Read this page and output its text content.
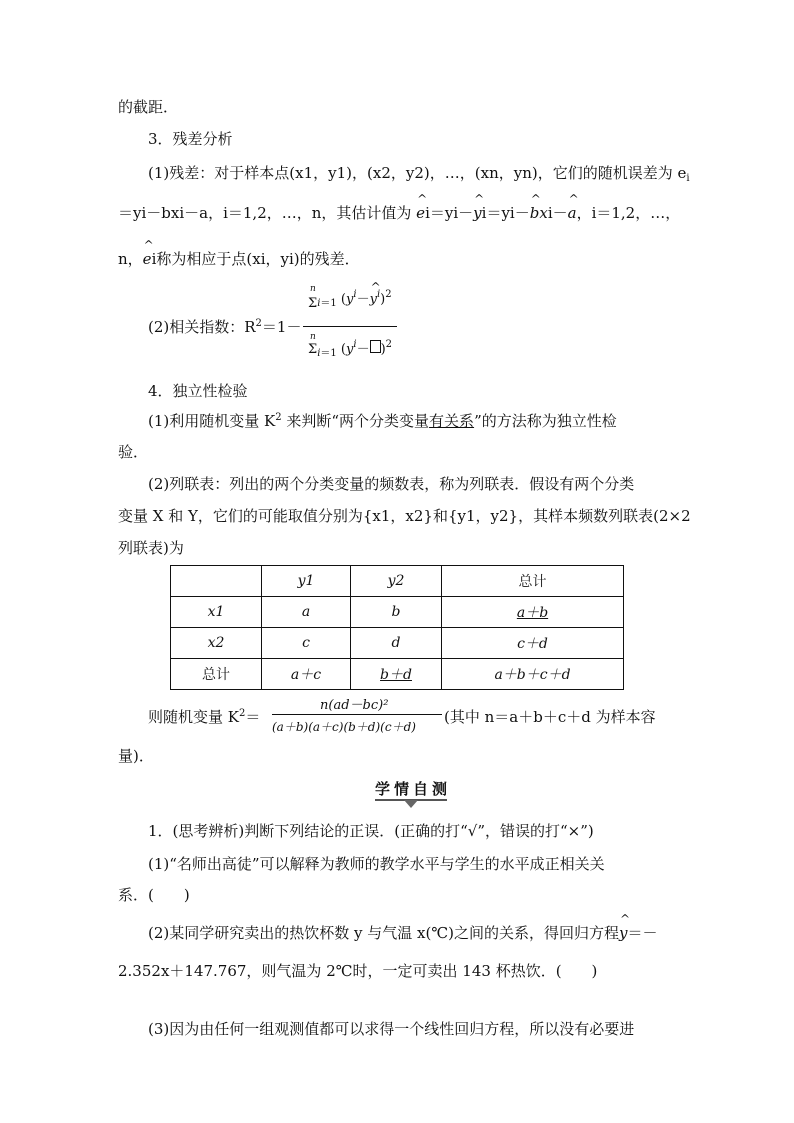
的截距．
3．残差分析
(1)残差：对于样本点(x1，y1)，(x2，y2)，…，(xn，yn)，它们的随机误差为 $e_i$
＝yi－bxi－a，i＝1,2，…，n，其估计值为 ^ ei＝yi－^ yi＝yi－^ bxi－^ a，i＝1,2，…，
n，^ ei称为相应于点(xi，yi)的残差．
(2)相关指数：$R^2=1-$
n
$\Sigma_{i=1}$ ($y^i-\^{}$ $y^i)^2$
n
$\Sigma_{i=1}$ $(y^i- )^2$
4．独立性检验
(1)利用随机变量 $K^2$ 来判断“两个分类变量有关系”的方法称为独立性检
验．
(2)列联表：列出的两个分类变量的频数表，称为列联表．假设有两个分类
变量 X 和 Y，它们的可能取值分别为{x1，x2}和{y1，y2}，其样本频数列联表(2×2
列联表)为
	y1	y2	总计
x1	a	b	a＋b
x2	c	d	c＋d
总计	a＋c	b＋d	a＋b＋c＋d
则随机变量 $K^2=$
n(ad－bc)²
(a＋b)(a＋c)(b＋d)(c＋d)
(其中 n＝a＋b＋c＋d 为样本容
量)．
学情自测
1．(思考辨析)判断下列结论的正误．(正确的打“√”，错误的打“×”)
(1)“名师出高徒”可以解释为教师的教学水平与学生的水平成正相关关
系．(　　)
(2)某同学研究卖出的热饮杯数 y 与气温 x(℃)之间的关系，得回归方程^ y＝－
2.352x＋147.767，则气温为 2℃时，一定可卖出 143 杯热饮．(　　)
(3)因为由任何一组观测值都可以求得一个线性回归方程，所以没有必要进
